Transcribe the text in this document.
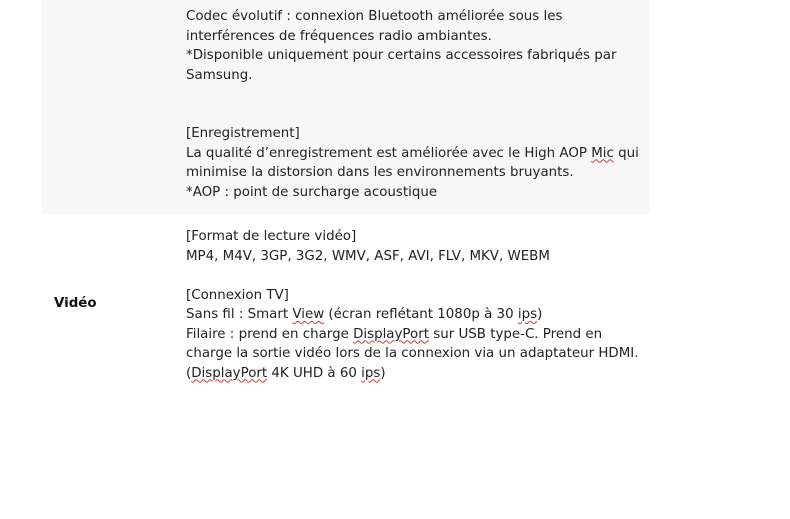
Codec évolutif : connexion Bluetooth améliorée sous les
interférences de fréquences radio ambiantes.
*Disponible uniquement pour certains accessoires fabriqués par
Samsung.
[Enregistrement]
La qualité d’enregistrement est améliorée avec le High AOP Mic qui
minimise la distorsion dans les environnements bruyants.
*AOP : point de surcharge acoustique
Vidéo
[Format de lecture vidéo]
MP4, M4V, 3GP, 3G2, WMV, ASF, AVI, FLV, MKV, WEBM
[Connexion TV]
Sans fil : Smart View (écran reflétant 1080p à 30 ips)
Filaire : prend en charge DisplayPort sur USB type-C. Prend en
charge la sortie vidéo lors de la connexion via un adaptateur HDMI.
(DisplayPort 4K UHD à 60 ips)
